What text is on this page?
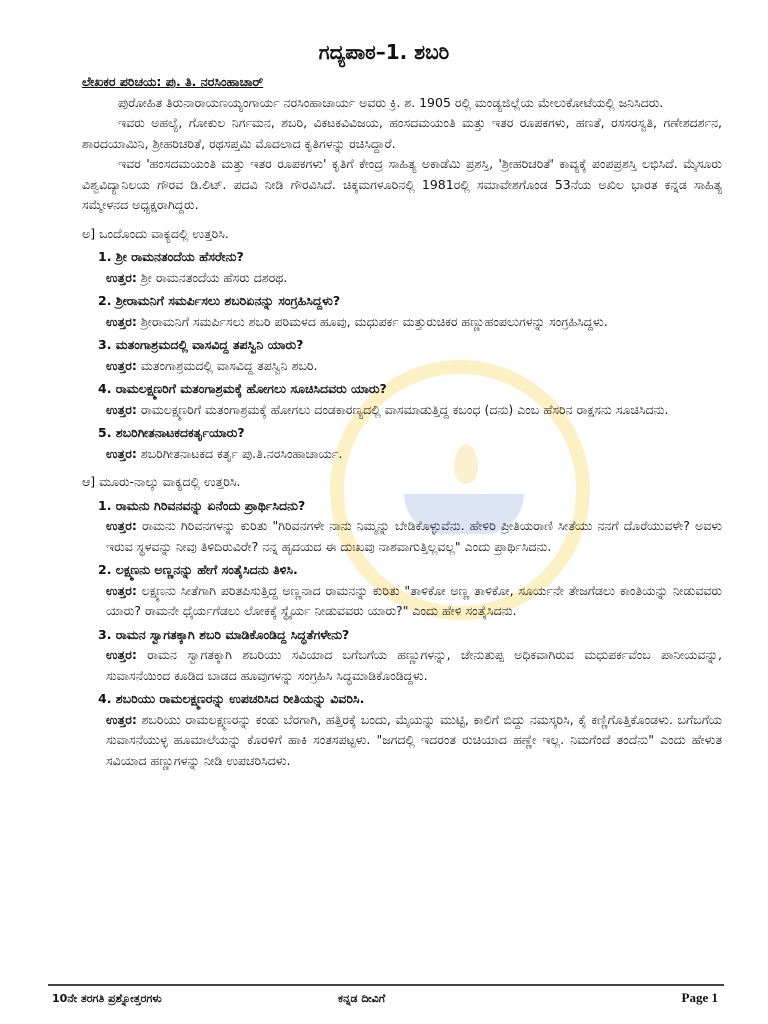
ಗದ್ಯಪಾಠ–1. ಶಬರಿ
ಲೇಖಕರ ಪರಿಚಯ: ಪು. ತಿ. ನರಸಿಂಹಾಚಾರ್

ಪುರೋಹಿತ ತಿರುನಾರಾಯಣಯ್ಯಂಗಾರ್ಯ ನರಸಿಂಹಾಚಾರ್ಯ ಅವರು ಕ್ರಿ. ಶ. 1905 ರಲ್ಲಿ ಮಂಡ್ಯಜಿಲ್ಲೆಯ ಮೇಲುಕೋಟೆಯಲ್ಲಿ ಜನಿಸಿದರು.

ಇವರು ಅಹಲ್ಯೆ, ಗೋಕುಲ ನಿರ್ಗಮನ, ಶಬರಿ, ವಿಕಟಕವಿವಿಜಯ, ಹಂಸದಮಯಂತಿ ಮತ್ತು ಇತರ ರೂಪಕಗಳು, ಹಣತೆ, ರಸಸರಸ್ವತಿ, ಗಣೇಶದರ್ಶನ, ಶಾರದಯಾಮಿನಿ, ಶ್ರೀಹರಿಚರಿತೆ, ರಥಸಪ್ತಮಿ ಮೊದಲಾದ ಕೃತಿಗಳನ್ನು ರಚಿಸಿದ್ದಾರೆ.

ಇವರ 'ಹಂಸದಮಯಂತಿ ಮತ್ತು ಇತರ ರೂಪಕಗಳು' ಕೃತಿಗೆ ಕೇಂದ್ರ ಸಾಹಿತ್ಯ ಅಕಾಡೆಮಿ ಪ್ರಶಸ್ತಿ, 'ಶ್ರೀಹರಿಚರಿತೆ' ಕಾವ್ಯಕ್ಕೆ ಪಂಪಪ್ರಶಸ್ತಿ ಲಭಿಸಿದೆ. ಮೈಸೂರು ವಿಶ್ವವಿದ್ಯಾನಿಲಯ ಗೌರವ ಡಿ.ಲಿಟ್. ಪದವಿ ನೀಡಿ ಗೌರವಿಸಿದೆ. ಚಿಕ್ಕಮಗಳೂರಿನಲ್ಲಿ 1981ರಲ್ಲಿ ಸಮಾವೇಶಗೊಂಡ 53ನೆಯ ಅಖಿಲ ಭಾರತ ಕನ್ನಡ ಸಾಹಿತ್ಯ ಸಮ್ಮೇಳನದ ಅಧ್ಯಕ್ಷರಾಗಿದ್ದರು.

ಅ] ಒಂದೊಂದು ವಾಕ್ಯದಲ್ಲಿ ಉತ್ತರಿಸಿ.
1. ಶ್ರೀ ರಾಮನತಂದೆಯ ಹೆಸರೇನು?
ಉತ್ತರ: ಶ್ರೀ ರಾಮನತಂದೆಯ ಹೆಸರು ದಶರಥ.
2. ಶ್ರೀರಾಮನಿಗೆ ಸಮರ್ಪಿಸಲು ಶಬರಿಏನನ್ನು ಸಂಗ್ರಹಿಸಿದ್ದಳು?
ಉತ್ತರ: ಶ್ರೀರಾಮನಿಗೆ ಸಮರ್ಪಿಸಲು ಶಬರಿ ಪರಿಮಳದ ಹೂವು, ಮಧುಪರ್ಕ ಮತ್ತುರುಚಿಕರ ಹಣ್ಣುಹಂಪಲುಗಳನ್ನು ಸಂಗ್ರಹಿಸಿದ್ದಳು.
3. ಮತಂಗಾಶ್ರಮದಲ್ಲಿ ವಾಸವಿದ್ದ ತಪಸ್ವಿನಿ ಯಾರು?
ಉತ್ತರ: ಮತಂಗಾಶ್ರಮದಲ್ಲಿ ವಾಸವಿದ್ದ ತಪಸ್ವಿನಿ ಶಬರಿ.
4. ರಾಮಲಕ್ಷ್ಮಣರಿಗೆ ಮತಂಗಾಶ್ರಮಕ್ಕೆ ಹೋಗಲು ಸೂಚಿಸಿದವರು ಯಾರು?
ಉತ್ತರ: ರಾಮಲಕ್ಷ್ಮಣರಿಗೆ ಮತಂಗಾಶ್ರಮಕ್ಕೆ ಹೋಗಲು ದಂಡಕಾರಣ್ಯದಲ್ಲಿ ವಾಸಮಾಡುತ್ತಿದ್ದ ಕಬಂಧ (ದನು) ಎಂಬ ಹೆಸರಿನ ರಾಕ್ಷಸನು ಸೂಚಿಸಿದನು.
5. ಶಬರಿಗೀತನಾಟಕದಕರ್ತೃಯಾರು?
ಉತ್ತರ: ಶಬರಿಗೀತನಾಟಕದ ಕರ್ತೃ ಪು.ತಿ.ನರಸಿಂಹಾಚಾರ್ಯ.
ಆ] ಮೂರು-ನಾಲ್ಕು ವಾಕ್ಯದಲ್ಲಿ ಉತ್ತರಿಸಿ.
1. ರಾಮನು ಗಿರಿವನವನ್ನು ಏನೆಂದು ಪ್ರಾರ್ಥಿಸಿದನು?
ಉತ್ತರ: ರಾಮನು ಗಿರಿವನಗಳನ್ನು ಕುರಿತು "ಗಿರಿವನಗಳೇ ನಾನು ನಿಮ್ಮನ್ನು ಬೇಡಿಕೊಳ್ಳುವೆನು. ಹೇಳಿರಿ ಪ್ರೀತಿಯರಾಣಿ ಸೀತೆಯು ನನಗೆ ದೊರೆಯುವಳೇ? ಅವಳು ಇರುವ ಸ್ಥಳವನ್ನು ನೀವು ತಿಳಿದಿರುವಿರೇ? ನನ್ನ ಹೃದಯದ ಈ ದುಃಖವು ನಾಶವಾಗುತ್ತಿಲ್ಲವಲ್ಲ" ಎಂದು ಪ್ರಾರ್ಥಿಸಿದನು.
2. ಲಕ್ಷ್ಮಣನು ಅಣ್ಣನನ್ನು ಹೇಗೆ ಸಂತೈಸಿದನು ತಿಳಿಸಿ.
ಉತ್ತರ: ಲಕ್ಷ್ಮಣನು ಸೀತೆಗಾಗಿ ಪರಿತಪಿಸುತ್ತಿದ್ದ ಅಣ್ಣನಾದ ರಾಮನನ್ನು ಕುರಿತು "ತಾಳಿಕೋ ಅಣ್ಣ ತಾಳಿಕೋ, ಸೂರ್ಯನೇ ತೇಜಗೆಡಲು ಕಾಂತಿಯನ್ನು ನೀಡುವವರು ಯಾರು? ರಾಮನೇ ಧೈರ್ಯಗೆಡಲು ಲೋಕಕ್ಕೆ ಸ್ಥೈರ್ಯ ನೀಡುವವರು ಯಾರು?" ಎಂದು ಹೇಳಿ ಸಂತೈಸಿದನು.
3. ರಾಮನ ಸ್ವಾಗತಕ್ಕಾಗಿ ಶಬರಿ ಮಾಡಿಕೊಂಡಿದ್ದ ಸಿದ್ಧತೆಗಳೇನು?
ಉತ್ತರ: ರಾಮನ ಸ್ವಾಗತಕ್ಕಾಗಿ ಶಬರಿಯು ಸವಿಯಾದ ಬಗೆಬಗೆಯ ಹಣ್ಣುಗಳನ್ನು, ಜೇನುತುಪ್ಪ ಅಧಿಕವಾಗಿರುವ ಮಧುಪರ್ಕವೆಂಬ ಪಾನೀಯವನ್ನು, ಸುವಾಸನೆಯಿಂದ ಕೂಡಿದ ಬಾಡದ ಹೂವುಗಳನ್ನು ಸಂಗ್ರಹಿಸಿ ಸಿದ್ಧಮಾಡಿಕೊಂಡಿದ್ದಳು.
4. ಶಬರಿಯು ರಾಮಲಕ್ಷ್ಮಣರನ್ನು ಉಪಚರಿಸಿದ ರೀತಿಯನ್ನು ವಿವರಿಸಿ.
ಉತ್ತರ: ಶಬರಿಯು ರಾಮಲಕ್ಷ್ಮಣರನ್ನು ಕಂಡು ಬೆರಗಾಗಿ, ಹತ್ತಿರಕ್ಕೆ ಬಂದು, ಮೈಯನ್ನು ಮುಟ್ಟಿ, ಕಾಲಿಗೆ ಬಿದ್ದು ನಮಸ್ಕರಿಸಿ, ಕೈ ಕಣ್ಣಿಗೊತ್ತಿಕೊಂಡಳು. ಬಗೆಬಗೆಯ ಸುವಾಸನೆಯುಳ್ಳ ಹೂಮಾಲೆಯನ್ನು ಕೊರಳಿಗೆ ಹಾಕಿ ಸಂತಸಪಟ್ಟಳು. "ಜಗದಲ್ಲಿ ಇದರಂತ ರುಚಿಯಾದ ಹಣ್ಣೇ ಇಲ್ಲ. ನಿಮಗೆಂದೆ ತಂದೆನು" ಎಂದು ಹೇಳುತ ಸವಿಯಾದ ಹಣ್ಣುಗಳನ್ನು ನೀಡಿ ಉಪಚರಿಸಿದಳು.
10ನೇ ತರಗತಿ ಪ್ರಶ್ನೋತ್ತರಗಳು	ಕನ್ನಡ ದೀವಿಗೆ	Page 1
